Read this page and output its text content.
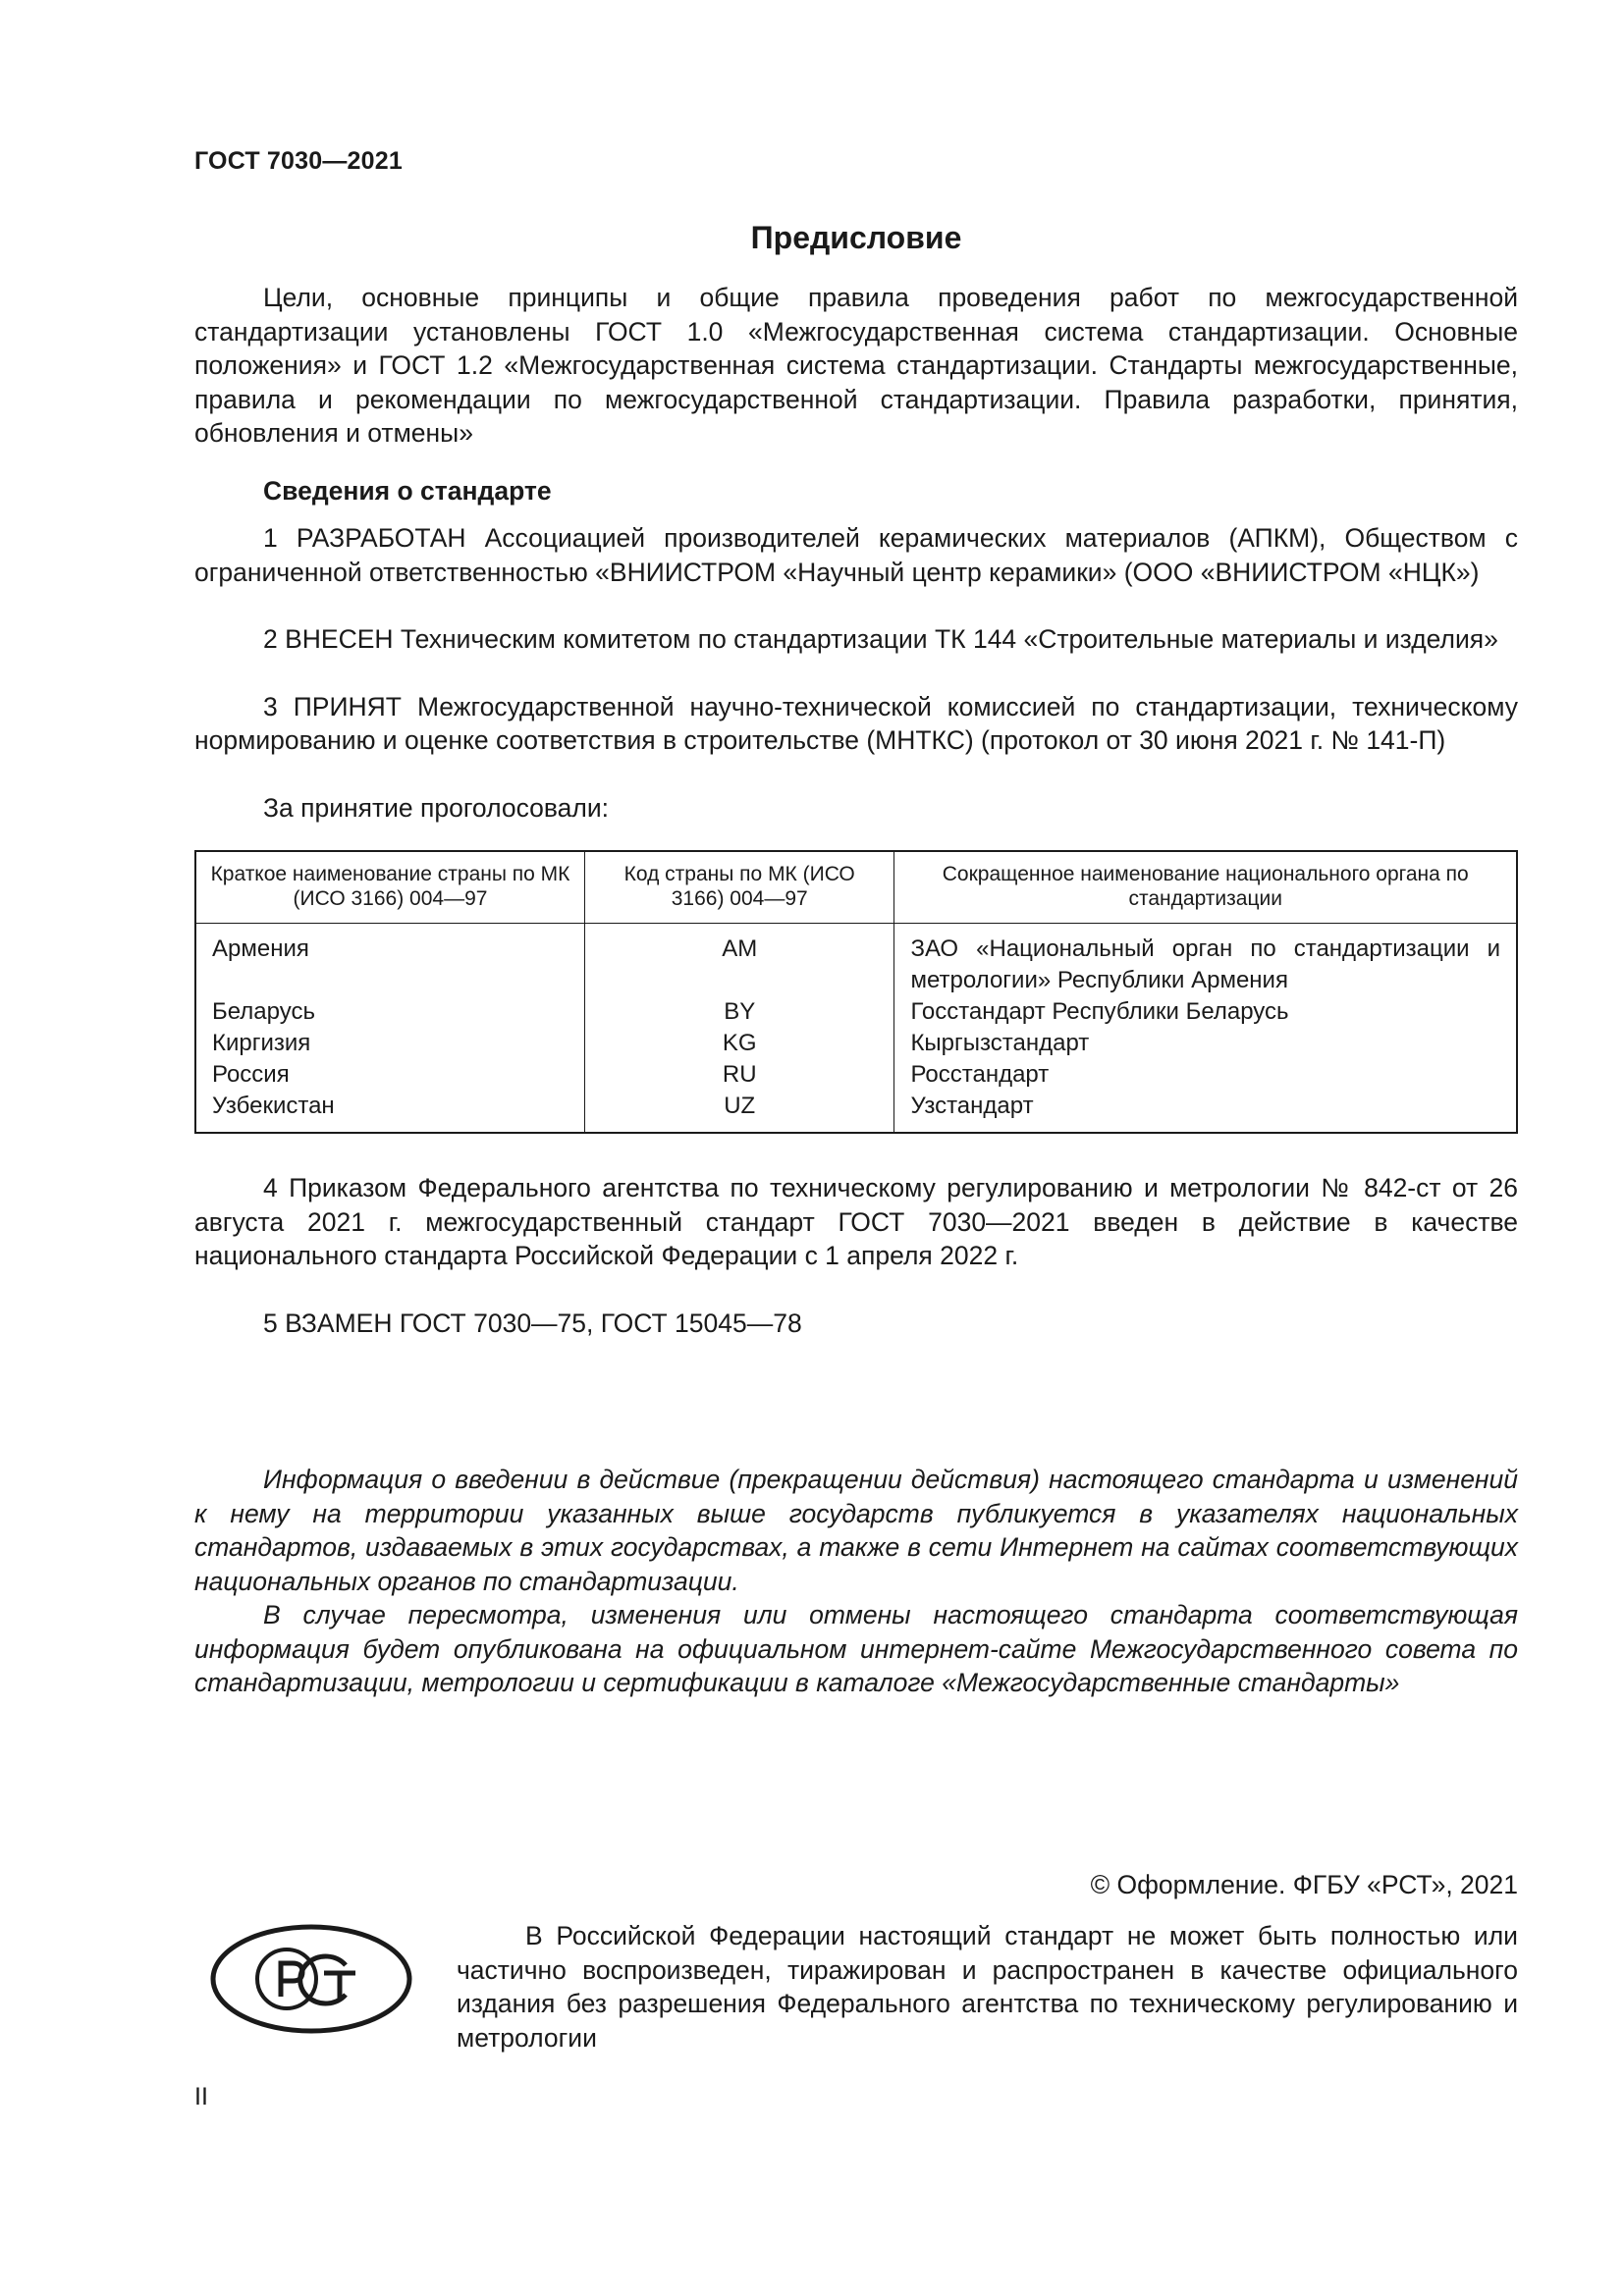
ГОСТ 7030—2021
Предисловие

Цели, основные принципы и общие правила проведения работ по межгосударственной стандартизации установлены ГОСТ 1.0 «Межгосударственная система стандартизации. Основные положения» и ГОСТ 1.2 «Межгосударственная система стандартизации. Стандарты межгосударственные, правила и рекомендации по межгосударственной стандартизации. Правила разработки, принятия, обновления и отмены»

Сведения о стандарте

1 РАЗРАБОТАН Ассоциацией производителей керамических материалов (АПКМ), Обществом с ограниченной ответственностью «ВНИИСТРОМ «Научный центр керамики» (ООО «ВНИИСТРОМ «НЦК»)

2 ВНЕСЕН Техническим комитетом по стандартизации ТК 144 «Строительные материалы и изделия»

3 ПРИНЯТ Межгосударственной научно-технической комиссией по стандартизации, техническому нормированию и оценке соответствия в строительстве (МНТКС) (протокол от 30 июня 2021 г. № 141-П)

За принятие проголосовали:

Краткое наименование страны по МК (ИСО 3166) 004—97	Код страны по МК (ИСО 3166) 004—97	Сокращенное наименование национального органа по стандартизации
Армения	AM	ЗАО «Национальный орган по стандартизации и метрологии» Республики Армения
Беларусь	BY	Госстандарт Республики Беларусь
Киргизия	KG	Кыргызстандарт
Россия	RU	Росстандарт
Узбекистан	UZ	Узстандарт

4 Приказом Федерального агентства по техническому регулированию и метрологии № 842-ст от 26 августа 2021 г. межгосударственный стандарт ГОСТ 7030—2021 введен в действие в качестве национального стандарта Российской Федерации с 1 апреля 2022 г.

5 ВЗАМЕН ГОСТ 7030—75, ГОСТ 15045—78

Информация о введении в действие (прекращении действия) настоящего стандарта и изменений к нему на территории указанных выше государств публикуется в указателях национальных стандартов, издаваемых в этих государствах, а также в сети Интернет на сайтах соответствующих национальных органов по стандартизации.

В случае пересмотра, изменения или отмены настоящего стандарта соответствующая информация будет опубликована на официальном интернет-сайте Межгосударственного совета по стандартизации, метрологии и сертификации в каталоге «Межгосударственные стандарты»

© Оформление. ФГБУ «РСТ», 2021
В Российской Федерации настоящий стандарт не может быть полностью или частично воспроизведен, тиражирован и распространен в качестве официального издания без разрешения Федерального агентства по техническому регулированию и метрологии
II
